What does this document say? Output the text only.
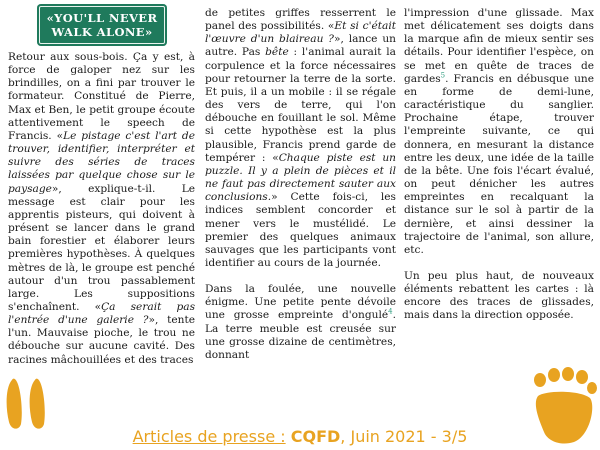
«YOU'LL NEVER
WALK ALONE»

Retour aux sous-bois. Ça y est, à force de galoper nez sur les brindilles, on a fini par trouver le formateur. Constitué de Pierre, Max et Ben, le petit groupe écoute attentivement le speech de Francis. «Le pistage c'est l'art de trouver, identifier, interpréter et suivre des séries de traces laissées par quelque chose sur le paysage», explique-t-il. Le message est clair pour les apprentis pisteurs, qui doivent à présent se lancer dans le grand bain forestier et élaborer leurs premières hypothèses. À quelques mètres de là, le groupe est penché autour d'un trou passablement large. Les suppositions s'enchaînent. «Ça serait pas l'entrée d'une galerie ?», tente l'un. Mauvaise pioche, le trou ne débouche sur aucune cavité. Des racines mâchouillées et des traces

de petites griffes resserrent le panel des possibilités. «Et si c'était l'œuvre d'un blaireau ?», lance un autre. Pas bête : l'animal aurait la corpulence et la force nécessaires pour retourner la terre de la sorte. Et puis, il a un mobile : il se régale des vers de terre, qui l'on débouche en fouillant le sol. Même si cette hypothèse est la plus plausible, Francis prend garde de tempérer : «Chaque piste est un puzzle. Il y a plein de pièces et il ne faut pas directement sauter aux conclusions.» Cette fois-ci, les indices semblent concorder et mener vers le mustélidé. Le premier des quelques animaux sauvages que les participants vont identifier au cours de la journée.

Dans la foulée, une nouvelle énigme. Une petite pente dévoile une grosse empreinte d'ongulé$^4$. La terre meuble est creusée sur une grosse dizaine de centimètres, donnant

l'impression d'une glissade. Max met délicatement ses doigts dans la marque afin de mieux sentir ses détails. Pour identifier l'espèce, on se met en quête de traces de gardes$^5$. Francis en débusque une en forme de demi-lune, caractéristique du sanglier. Prochaine étape, trouver l'empreinte suivante, ce qui donnera, en mesurant la distance entre les deux, une idée de la taille de la bête. Une fois l'écart évalué, on peut dénicher les autres empreintes en recalquant la distance sur le sol à partir de la dernière, et ainsi dessiner la trajectoire de l'animal, son allure, etc.

Un peu plus haut, de nouveaux éléments rebattent les cartes : là encore des traces de glissades, mais dans la direction opposée.

Articles de presse : CQFD, Juin 2021 - 3/5
